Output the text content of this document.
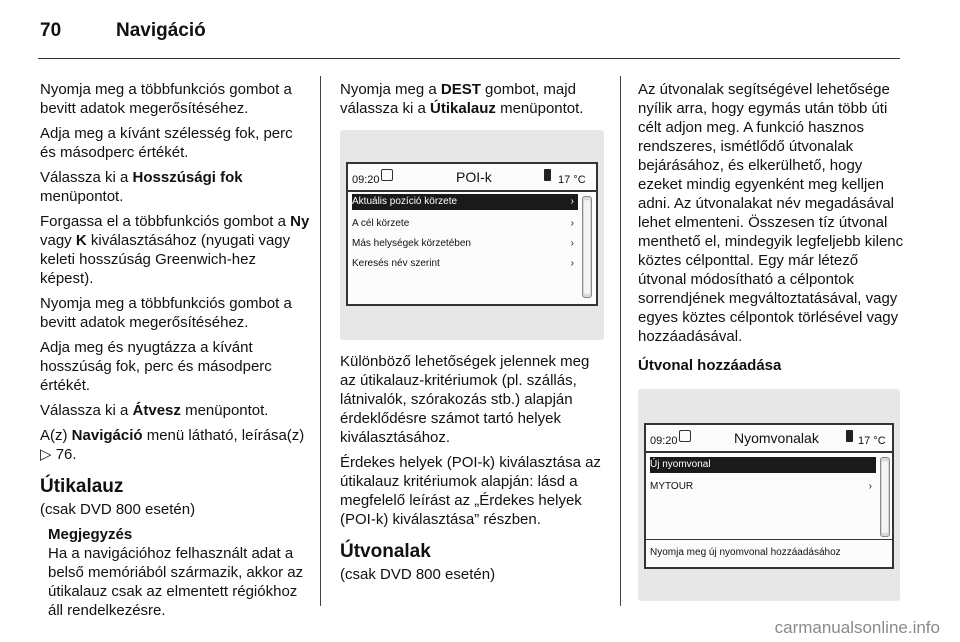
70	Navigáció

Nyomja meg a többfunkciós gombot a bevitt adatok megerősítéséhez.

Adja meg a kívánt szélesség fok, perc és másodperc értékét.

Válassza ki a Hosszúsági fok menüpontot.

Forgassa el a többfunkciós gombot a Ny vagy K kiválasztásához (nyugati vagy keleti hosszúság Greenwich-hez képest).

Nyomja meg a többfunkciós gombot a bevitt adatok megerősítéséhez.

Adja meg és nyugtázza a kívánt hosszúság fok, perc és másodperc értékét.

Válassza ki a Átvesz menüpontot.

A(z) Navigáció menü látható, leírása(z) ▷ 76.

Útikalauz

(csak DVD 800 esetén)

Megjegyzés
Ha a navigációhoz felhasznált adat a belső memóriából származik, akkor az útikalauz csak az elmentett régiókhoz áll rendelkezésre.

Nyomja meg a DEST gombot, majd válassza ki a Útikalauz menüpontot.

09:20	POI-k	17 °C
Aktuális pozíció körzete	›
A cél körzete	›
Más helységek körzetében	›
Keresés név szerint	›

Különböző lehetőségek jelennek meg az útikalauz-kritériumok (pl. szállás, látnivalók, szórakozás stb.) alapján érdeklődésre számot tartó helyek kiválasztásához.

Érdekes helyek (POI-k) kiválasztása az útikalauz kritériumok alapján: lásd a megfelelő leírást az „Érdekes helyek (POI-k) kiválasztása” részben.

Útvonalak

(csak DVD 800 esetén)

Az útvonalak segítségével lehetősége nyílik arra, hogy egymás után több úti célt adjon meg. A funkció hasznos rendszeres, ismétlődő útvonalak bejárásához, és elkerülhető, hogy ezeket mindig egyenként meg kelljen adni. Az útvonalakat név megadásával lehet elmenteni. Összesen tíz útvonal menthető el, mindegyik legfeljebb kilenc köztes célponttal. Egy már létező útvonal módosítható a célpontok sorrendjének megváltoztatásával, vagy egyes köztes célpontok törlésével vagy hozzáadásával.

Útvonal hozzáadása
09:20	Nyomvonalak	17 °C
Új nyomvonal
MYTOUR	›
Nyomja meg új nyomvonal hozzáadásához
carmanualsonline.info
